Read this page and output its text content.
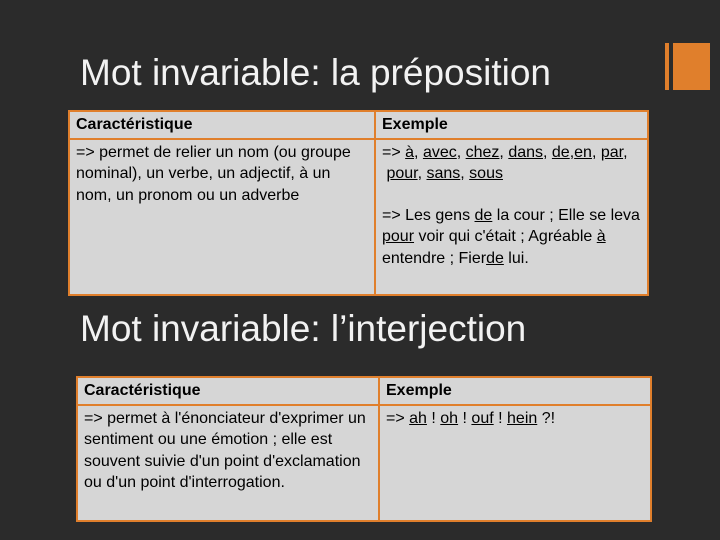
Mot invariable: la préposition
Caractéristique	Exemple
=> permet de relier un nom (ou groupe nominal), un verbe, un adjectif, à un nom, un pronom ou un adverbe	=> à, avec, chez, dans, de,en, par,
pour, sans, sous
=> Les gens de la cour ; Elle se leva pour voir qui c'était ; Agréable à entendre ; Fierde lui.
Mot invariable: l’interjection
Caractéristique	Exemple
=> permet à l'énonciateur d'exprimer un sentiment ou une émotion ; elle est souvent suivie d'un point d'exclamation ou d'un point d'interrogation.	=> ah ! oh ! ouf ! hein ?!
